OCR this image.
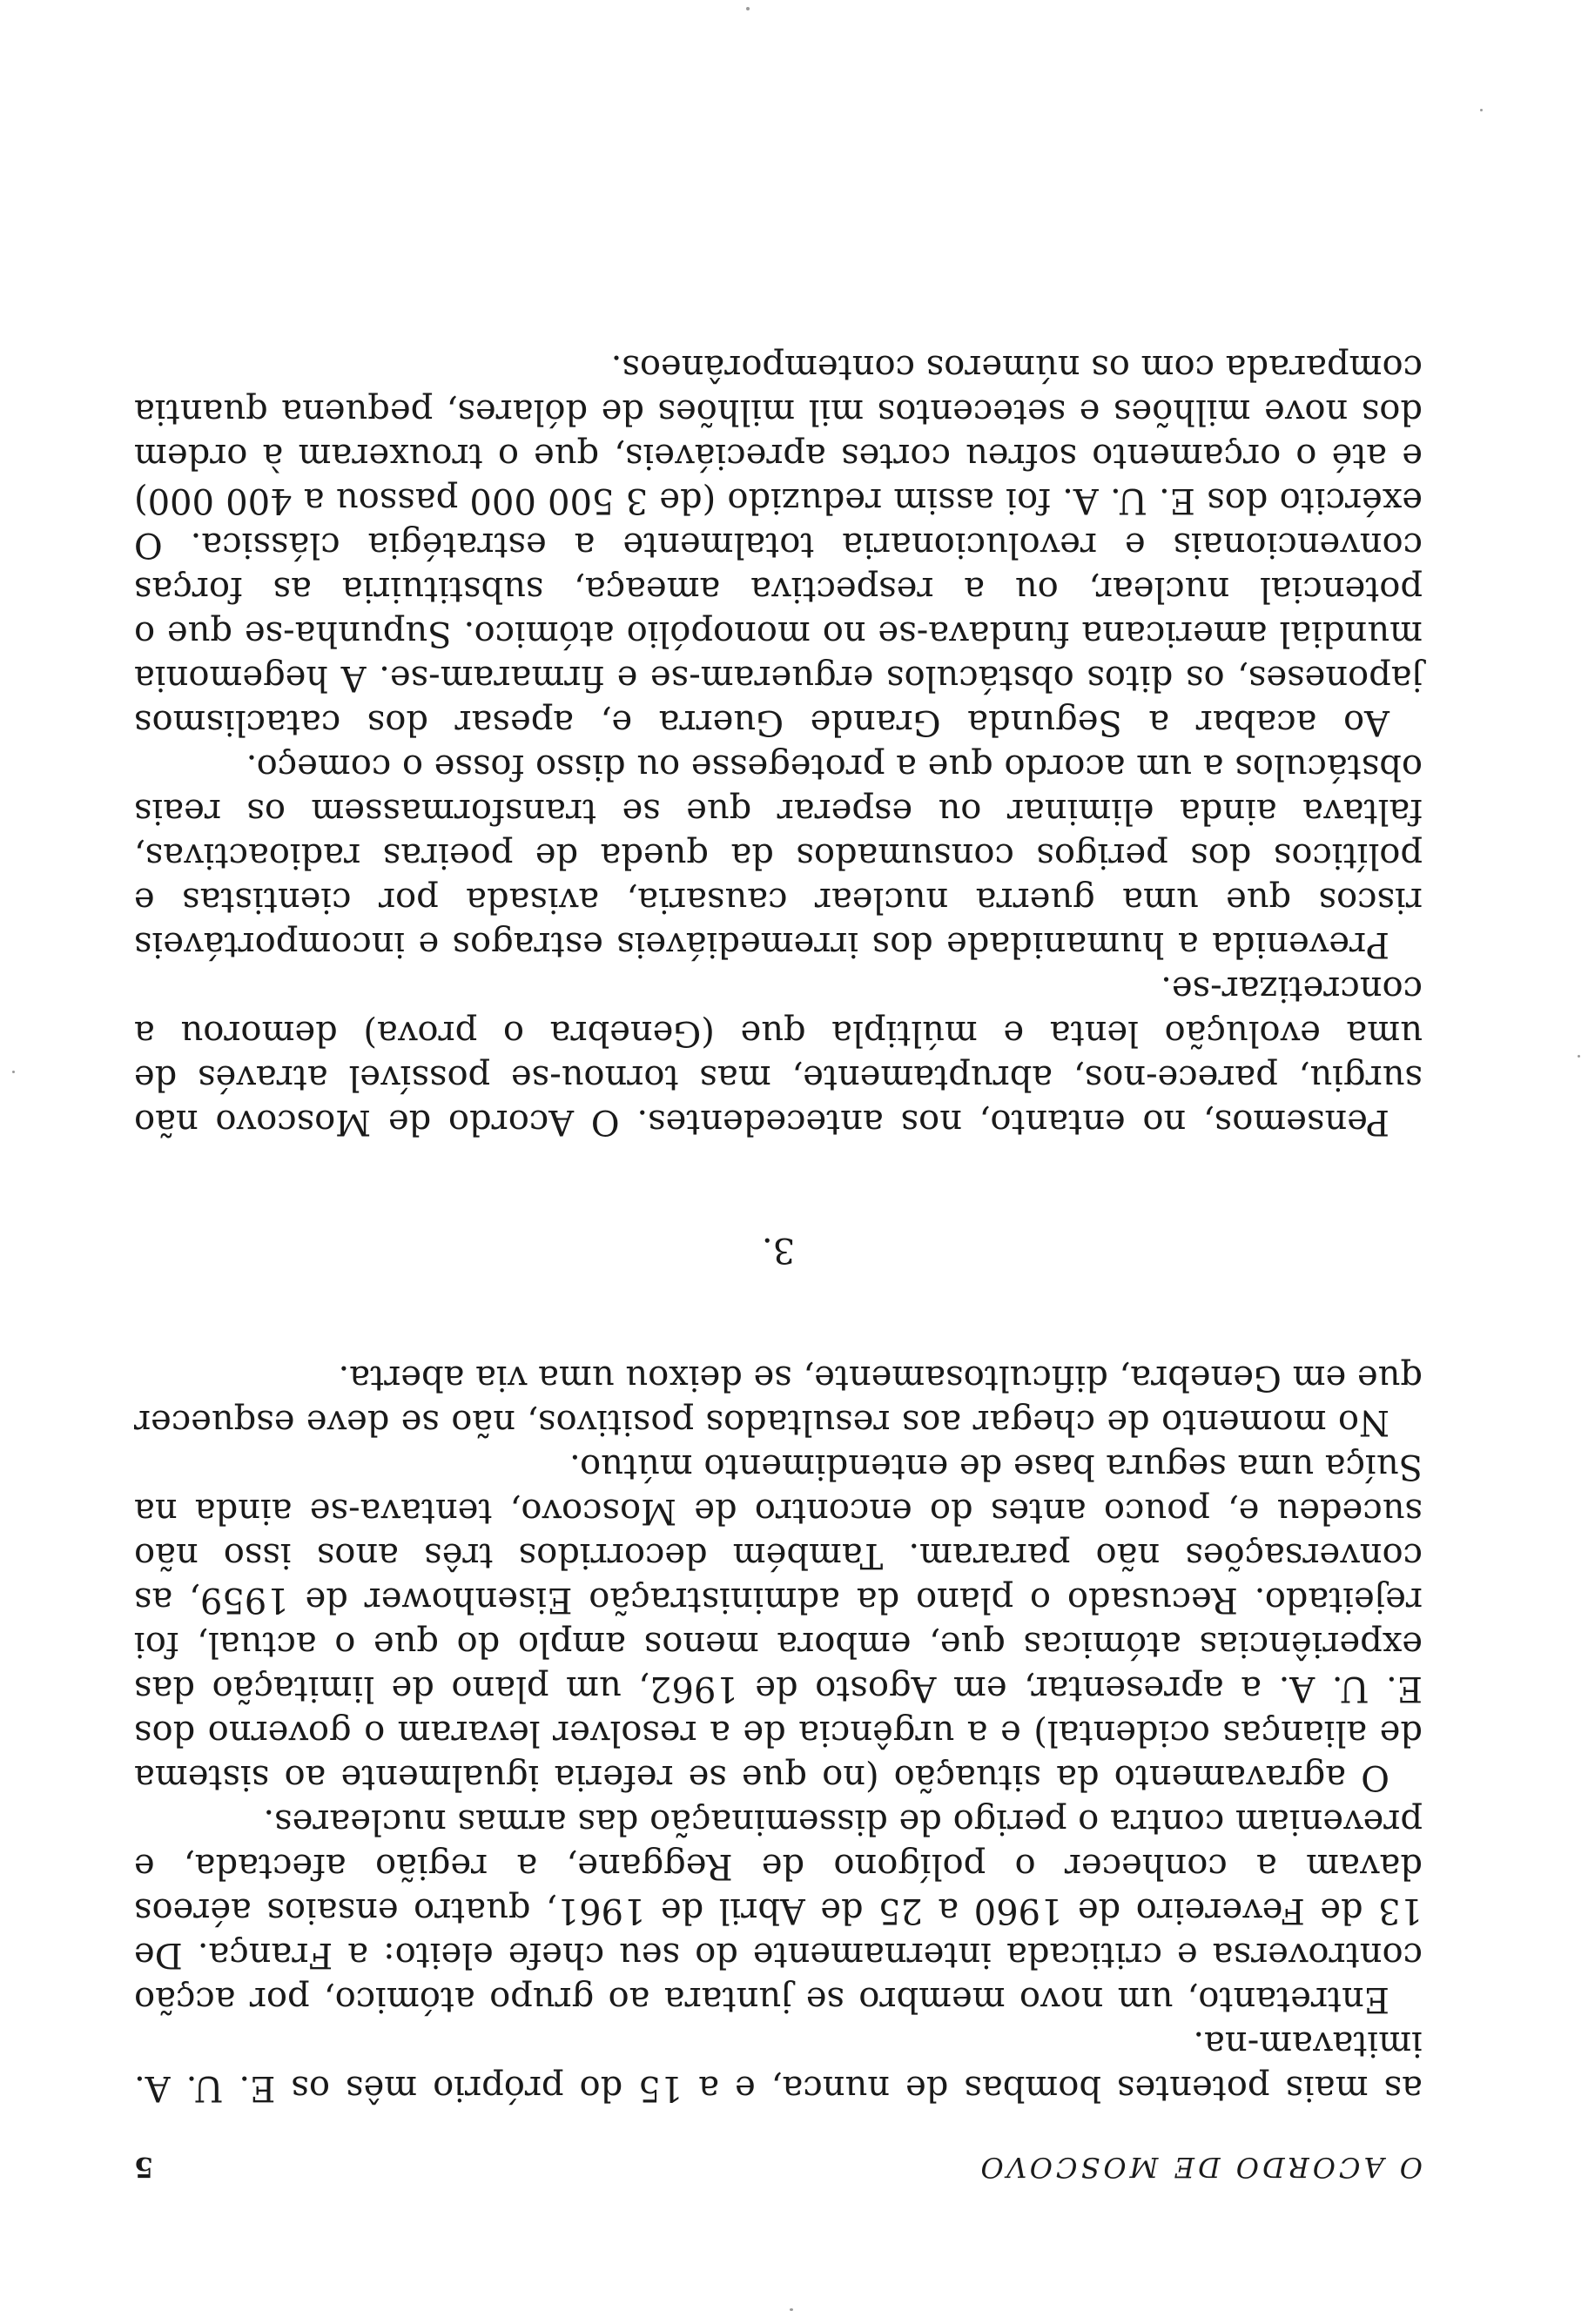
O ACORDO DE MOSCOVO
5

as mais potentes bombas de nunca, e a 15 do próprio mês os E. U. A. imitavam-na.

Entretanto, um novo membro se juntara ao grupo atómico, por acção controversa e criticada internamente do seu chefe eleito: a França. De 13 de Fevereiro de 1960 a 25 de Abril de 1961, quatro ensaios aéreos davam a conhecer o polígono de Reggane, a região afectada, e preveniam contra o perigo de disseminação das armas nucleares.

O agravamento da situação (no que se referia igualmente ao sistema de alianças ocidental) e a urgência de a resolver levaram o governo dos E. U. A. a apresentar, em Agosto de 1962, um plano de limitação das experiências atómicas que, embora menos amplo do que o actual, foi rejeitado. Recusado o plano da administração Eisenhower de 1959, as conversações não pararam. Também decorridos três anos isso não sucedeu e, pouco antes do encontro de Moscovo, tentava-se ainda na Suíça uma segura base de entendimento mútuo.

No momento de chegar aos resultados positivos, não se deve esquecer que em Genebra, dificultosamente, se deixou uma via aberta.

3.

Pensemos, no entanto, nos antecedentes. O Acordo de Moscovo não surgiu, parece-nos, abruptamente, mas tornou-se possível através de uma evolução lenta e múltipla que (Genebra o prova) demorou a concretizar-se.

Prevenida a humanidade dos irremediáveis estragos e incomportáveis riscos que uma guerra nuclear causaria, avisada por cientistas e políticos dos perigos consumados da queda de poeiras radioactivas, faltava ainda eliminar ou esperar que se transformassem os reais obstáculos a um acordo que a protegesse ou disso fosse o começo.

Ao acabar a Segunda Grande Guerra e, apesar dos cataclismos japoneses, os ditos obstáculos ergueram-se e firmaram-se. A hegemonia mundial americana fundava-se no monopólio atómico. Supunha-se que o potencial nuclear, ou a respectiva ameaça, substituiria as forças convencionais e revolucionaria totalmente a estratégia clássica. O exército dos E. U. A. foi assim reduzido (de 3 500 000 passou a 400 000) e até o orçamento sofreu cortes apreciáveis, que o trouxeram à ordem dos nove milhões e setecentos mil milhões de dólares, pequena quantia comparada com os números contemporâneos.
